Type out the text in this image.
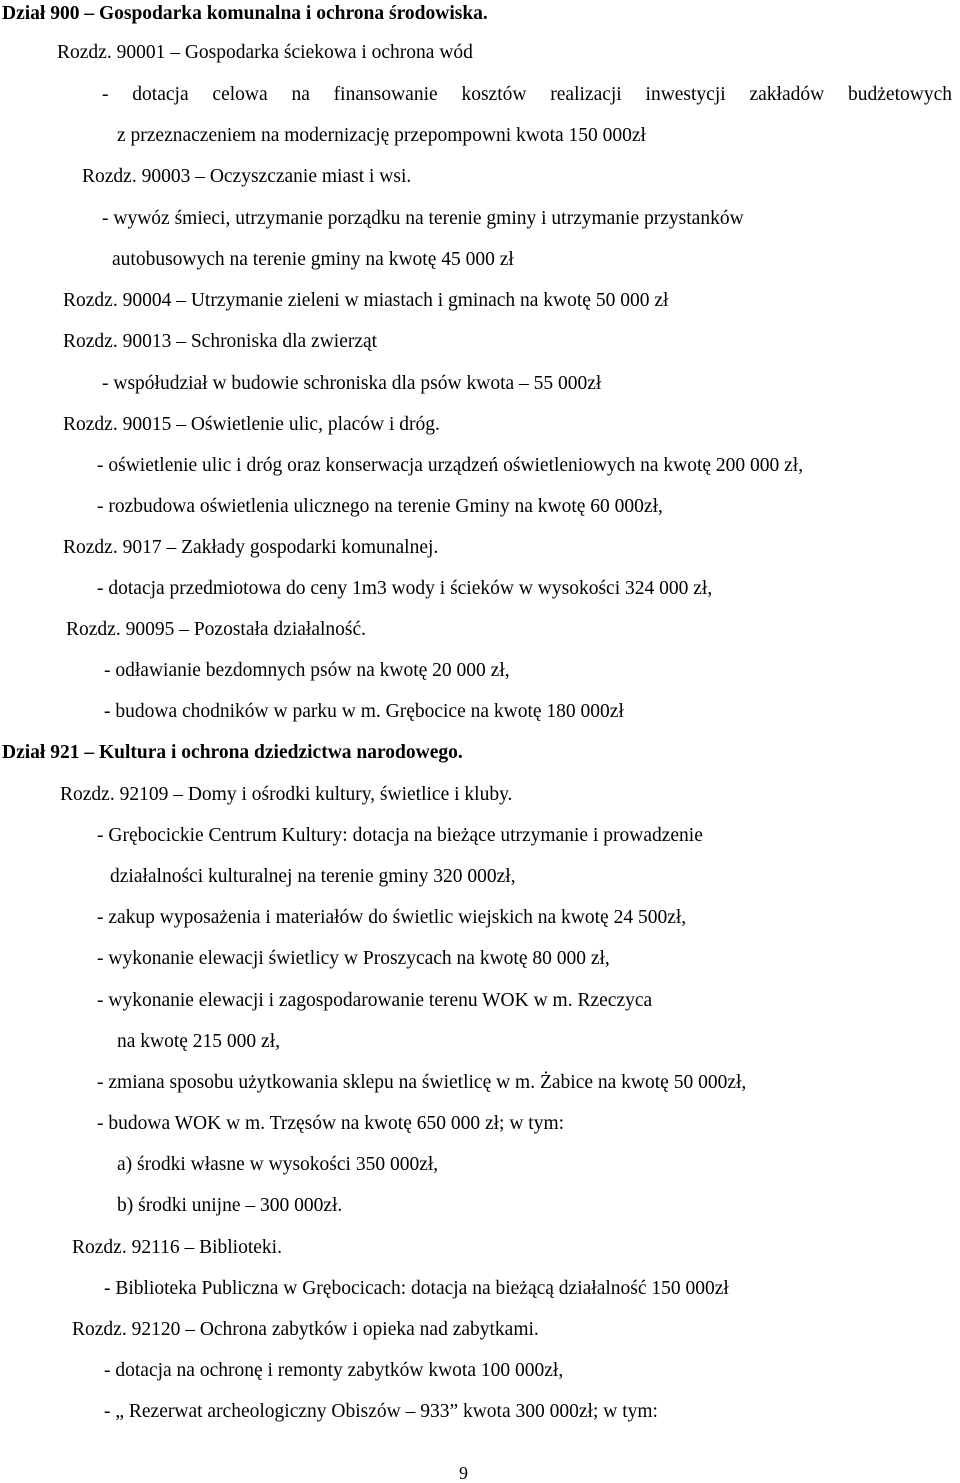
Dział 900 – Gospodarka komunalna i ochrona środowiska.
Rozdz. 90001 – Gospodarka ściekowa i ochrona wód
- dotacja celowa na finansowanie kosztów realizacji inwestycji zakładów budżetowych
z przeznaczeniem na modernizację przepompowni kwota 150 000zł
Rozdz. 90003 – Oczyszczanie miast i wsi.
- wywóz śmieci, utrzymanie porządku na terenie gminy i utrzymanie przystanków
autobusowych na terenie gminy na kwotę 45 000 zł
Rozdz. 90004 – Utrzymanie zieleni w miastach i gminach na kwotę 50 000 zł
Rozdz. 90013 – Schroniska dla zwierząt
- współudział w budowie schroniska dla psów kwota – 55 000zł
Rozdz. 90015 – Oświetlenie ulic, placów i dróg.
- oświetlenie ulic i dróg oraz konserwacja urządzeń oświetleniowych na kwotę 200 000 zł,
- rozbudowa oświetlenia ulicznego na terenie Gminy na kwotę 60 000zł,
Rozdz. 9017 – Zakłady gospodarki komunalnej.
- dotacja przedmiotowa do ceny 1m3 wody i ścieków w wysokości 324 000 zł,
Rozdz. 90095 – Pozostała działalność.
- odławianie bezdomnych psów na kwotę 20 000 zł,
- budowa chodników w parku w m. Grębocice na kwotę 180 000zł
Dział 921 – Kultura i ochrona dziedzictwa narodowego.
Rozdz. 92109 – Domy i ośrodki kultury, świetlice i kluby.
- Grębocickie Centrum Kultury: dotacja na bieżące utrzymanie i prowadzenie
działalności kulturalnej na terenie gminy 320 000zł,
- zakup wyposażenia i materiałów do świetlic wiejskich na kwotę 24 500zł,
- wykonanie elewacji świetlicy w Proszycach na kwotę 80 000 zł,
- wykonanie elewacji i zagospodarowanie terenu WOK w m. Rzeczyca
na kwotę 215 000 zł,
- zmiana sposobu użytkowania sklepu na świetlicę w m. Żabice na kwotę 50 000zł,
- budowa WOK w m. Trzęsów na kwotę 650 000 zł; w tym:
a) środki własne w wysokości 350 000zł,
b) środki unijne – 300 000zł.
Rozdz. 92116 – Biblioteki.
- Biblioteka Publiczna w Grębocicach: dotacja na bieżącą działalność 150 000zł
Rozdz. 92120 – Ochrona zabytków i opieka nad zabytkami.
- dotacja na ochronę i remonty zabytków kwota 100 000zł,
- „ Rezerwat archeologiczny Obiszów – 933” kwota 300 000zł; w tym:
9
